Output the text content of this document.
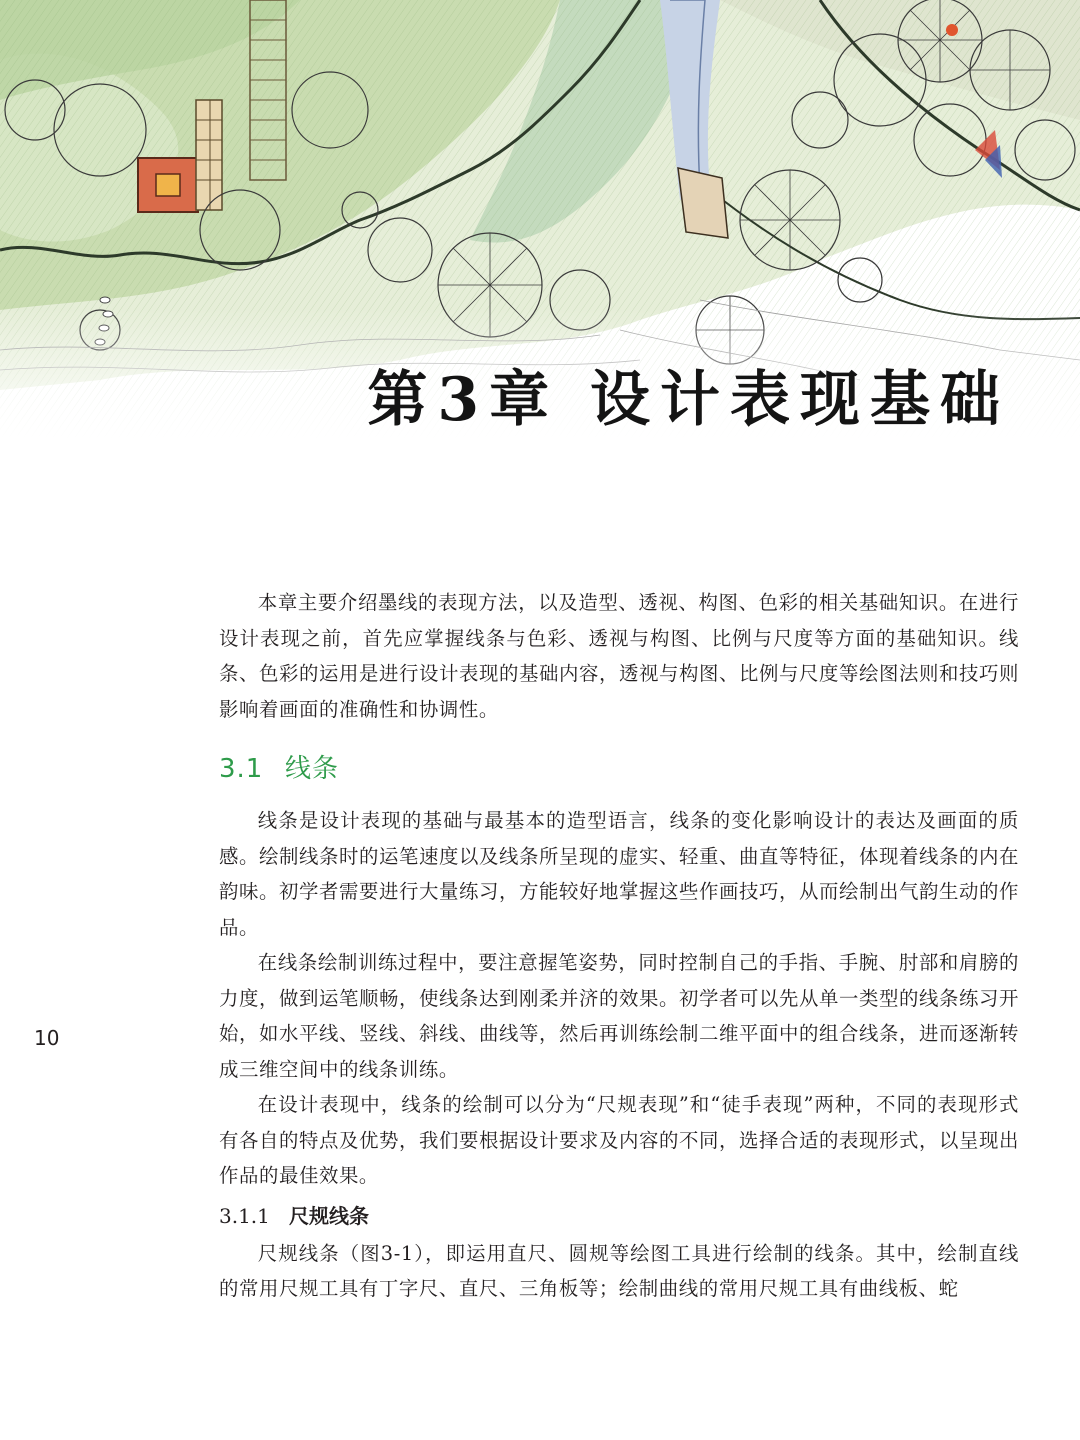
第3章 设计表现基础

本章主要介绍墨线的表现方法，以及造型、透视、构图、色彩的相关基础知识。在进行设计表现之前，首先应掌握线条与色彩、透视与构图、比例与尺度等方面的基础知识。线条、色彩的运用是进行设计表现的基础内容，透视与构图、比例与尺度等绘图法则和技巧则影响着画面的准确性和协调性。

3.1 线条

线条是设计表现的基础与最基本的造型语言，线条的变化影响设计的表达及画面的质感。绘制线条时的运笔速度以及线条所呈现的虚实、轻重、曲直等特征，体现着线条的内在韵味。初学者需要进行大量练习，方能较好地掌握这些作画技巧，从而绘制出气韵生动的作品。

在线条绘制训练过程中，要注意握笔姿势，同时控制自己的手指、手腕、肘部和肩膀的力度，做到运笔顺畅，使线条达到刚柔并济的效果。初学者可以先从单一类型的线条练习开始，如水平线、竖线、斜线、曲线等，然后再训练绘制二维平面中的组合线条，进而逐渐转成三维空间中的线条训练。

在设计表现中，线条的绘制可以分为“尺规表现”和“徒手表现”两种，不同的表现形式有各自的特点及优势，我们要根据设计要求及内容的不同，选择合适的表现形式，以呈现出作品的最佳效果。

3.1.1 尺规线条

尺规线条（图3-1），即运用直尺、圆规等绘图工具进行绘制的线条。其中，绘制直线的常用尺规工具有丁字尺、直尺、三角板等；绘制曲线的常用尺规工具有曲线板、蛇

10
